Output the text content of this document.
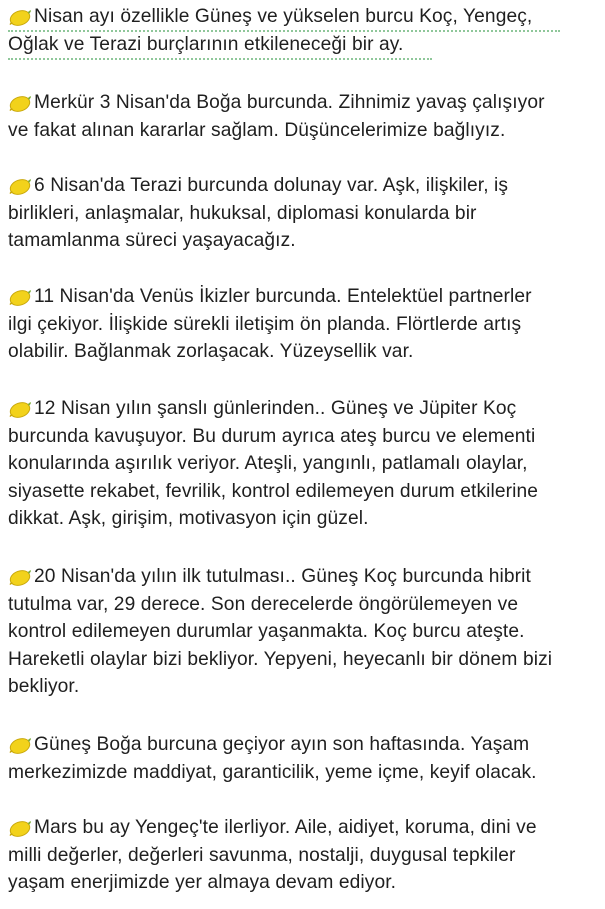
Nisan ayı özellikle Güneş ve yükselen burcu Koç, Yengeç,
Oğlak ve Terazi burçlarının etkileneceği bir ay.
Merkür 3 Nisan'da Boğa burcunda. Zihnimiz yavaş çalışıyor
ve fakat alınan kararlar sağlam. Düşüncelerimize bağlıyız.
6 Nisan'da Terazi burcunda dolunay var. Aşk, ilişkiler, iş
birlikleri, anlaşmalar, hukuksal, diplomasi konularda bir
tamamlanma süreci yaşayacağız.
11 Nisan'da Venüs İkizler burcunda. Entelektüel partnerler
ilgi çekiyor. İlişkide sürekli iletişim ön planda. Flörtlerde artış
olabilir. Bağlanmak zorlaşacak. Yüzeysellik var.
12 Nisan yılın şanslı günlerinden.. Güneş ve Jüpiter Koç
burcunda kavuşuyor. Bu durum ayrıca ateş burcu ve elementi
konularında aşırılık veriyor. Ateşli, yangınlı, patlamalı olaylar,
siyasette rekabet, fevrilik, kontrol edilemeyen durum etkilerine
dikkat. Aşk, girişim, motivasyon için güzel.
20 Nisan'da yılın ilk tutulması.. Güneş Koç burcunda hibrit
tutulma var, 29 derece. Son derecelerde öngörülemeyen ve
kontrol edilemeyen durumlar yaşanmakta. Koç burcu ateşte.
Hareketli olaylar bizi bekliyor. Yepyeni, heyecanlı bir dönem bizi
bekliyor.
Güneş Boğa burcuna geçiyor ayın son haftasında. Yaşam
merkezimizde maddiyat, garanticilik, yeme içme, keyif olacak.
Mars bu ay Yengeç'te ilerliyor. Aile, aidiyet, koruma, dini ve
milli değerler, değerleri savunma, nostalji, duygusal tepkiler
yaşam enerjimizde yer almaya devam ediyor.
